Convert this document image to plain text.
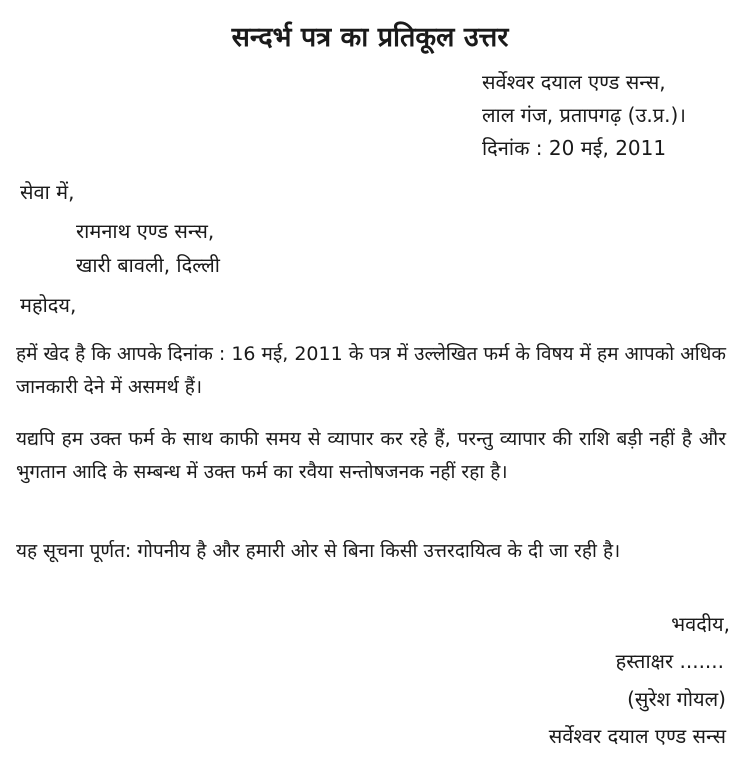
सन्दर्भ पत्र का प्रतिकूल उत्तर
सर्वेश्वर दयाल एण्ड सन्स,
लाल गंज, प्रतापगढ़ (उ.प्र.)।
दिनांक : 20 मई, 2011
सेवा में,
रामनाथ एण्ड सन्स,
खारी बावली, दिल्ली
महोदय,
हमें खेद है कि आपके दिनांक : 16 मई, 2011 के पत्र में उल्लेखित फर्म के विषय में हम आपको अधिक जानकारी देने में असमर्थ हैं।
यद्यपि हम उक्त फर्म के साथ काफी समय से व्यापार कर रहे हैं, परन्तु व्यापार की राशि बड़ी नहीं है और भुगतान आदि के सम्बन्ध में उक्त फर्म का रवैया सन्तोषजनक नहीं रहा है।
यह सूचना पूर्णत: गोपनीय है और हमारी ओर से बिना किसी उत्तरदायित्व के दी जा रही है।
भवदीय,
हस्ताक्षर .......
(सुरेश गोयल)
सर्वेश्वर दयाल एण्ड सन्स
